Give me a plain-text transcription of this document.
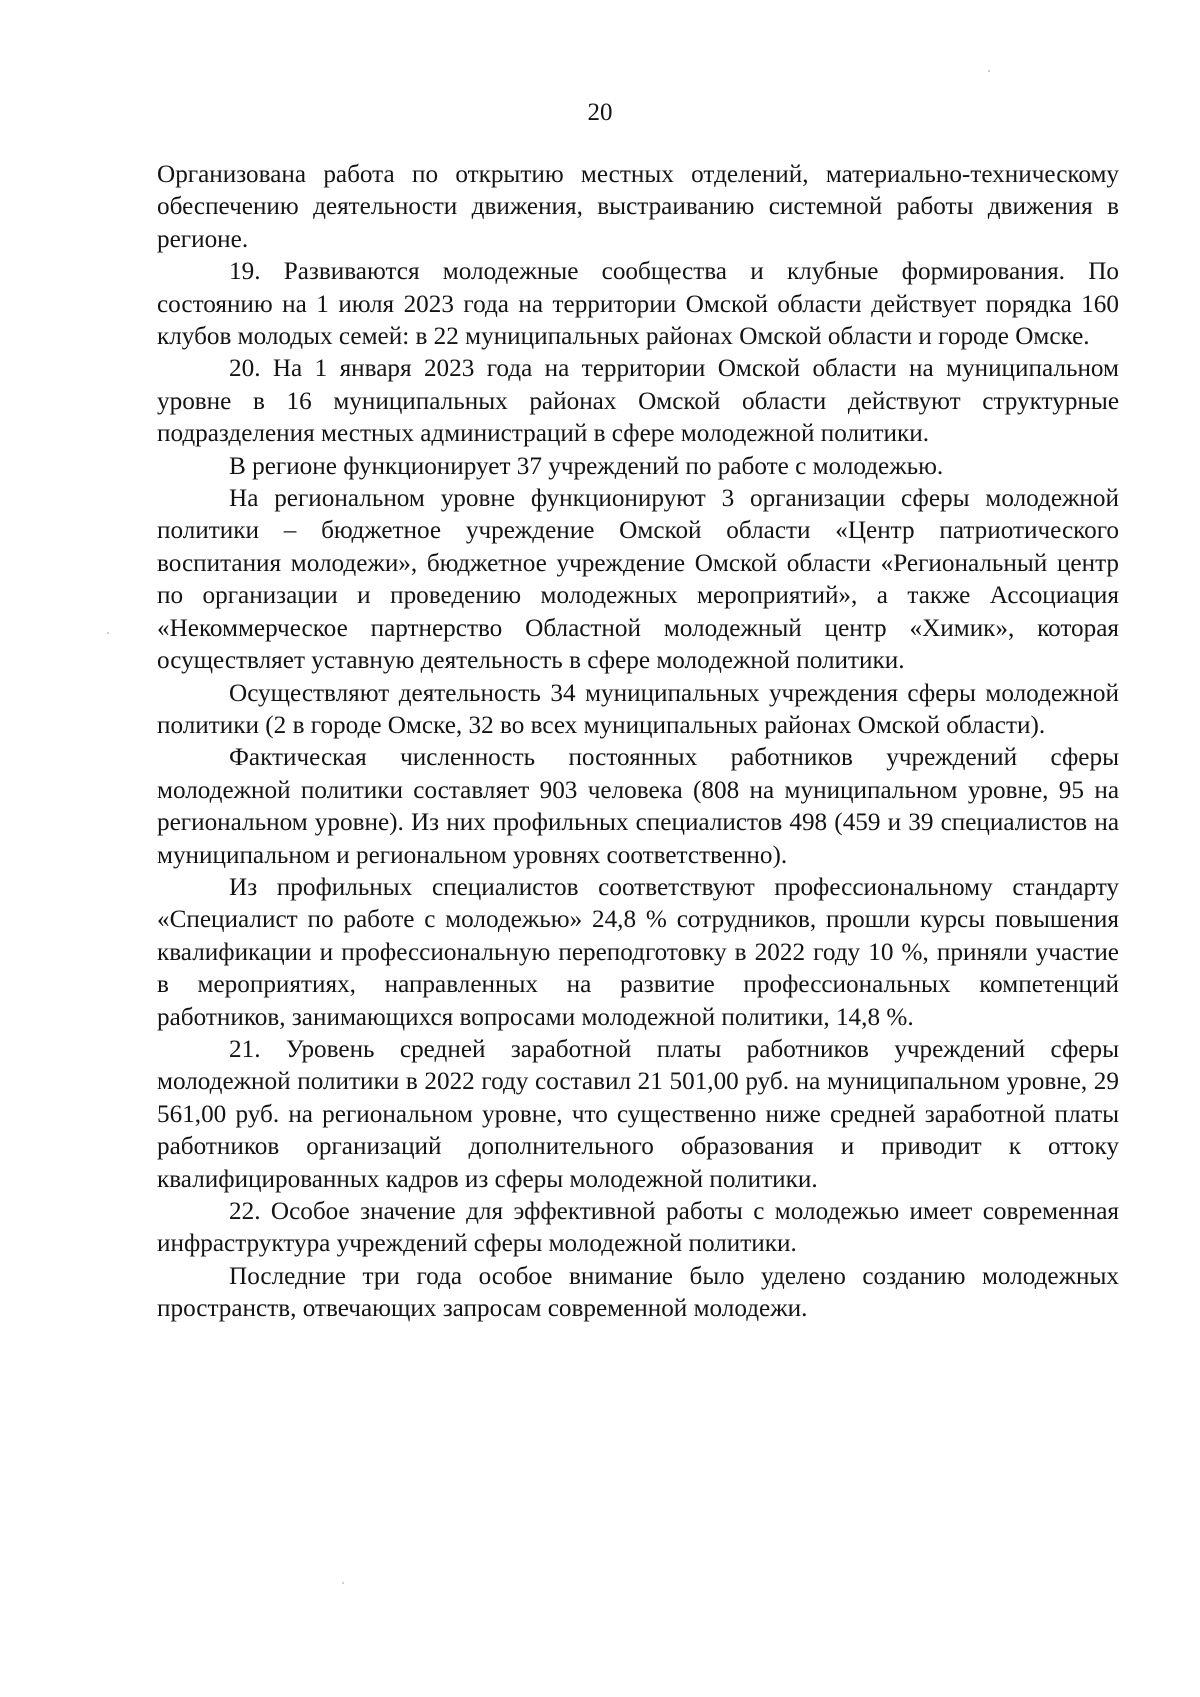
20

Организована работа по открытию местных отделений, материально-техническому обеспечению деятельности движения, выстраиванию системной работы движения в регионе.

19. Развиваются молодежные сообщества и клубные формирования. По состоянию на 1 июля 2023 года на территории Омской области действует порядка 160 клубов молодых семей: в 22 муниципальных районах Омской области и городе Омске.

20. На 1 января 2023 года на территории Омской области на муниципальном уровне в 16 муниципальных районах Омской области действуют структурные подразделения местных администраций в сфере молодежной политики.

В регионе функционирует 37 учреждений по работе с молодежью.

На региональном уровне функционируют 3 организации сферы молодежной политики – бюджетное учреждение Омской области «Центр патриотического воспитания молодежи», бюджетное учреждение Омской области «Региональный центр по организации и проведению молодежных мероприятий», а также Ассоциация «Некоммерческое партнерство Областной молодежный центр «Химик», которая осуществляет уставную деятельность в сфере молодежной политики.

Осуществляют деятельность 34 муниципальных учреждения сферы молодежной политики (2 в городе Омске, 32 во всех муниципальных районах Омской области).

Фактическая численность постоянных работников учреждений сферы молодежной политики составляет 903 человека (808 на муниципальном уровне, 95 на региональном уровне). Из них профильных специалистов 498 (459 и 39 специалистов на муниципальном и региональном уровнях соответственно).

Из профильных специалистов соответствуют профессиональному стандарту «Специалист по работе с молодежью» 24,8 % сотрудников, прошли курсы повышения квалификации и профессиональную переподготовку в 2022 году 10 %, приняли участие в мероприятиях, направленных на развитие профессиональных компетенций работников, занимающихся вопросами молодежной политики, 14,8 %.

21. Уровень средней заработной платы работников учреждений сферы молодежной политики в 2022 году составил 21 501,00 руб. на муниципальном уровне, 29 561,00 руб. на региональном уровне, что существенно ниже средней заработной платы работников организаций дополнительного образования и приводит к оттоку квалифицированных кадров из сферы молодежной политики.

22. Особое значение для эффективной работы с молодежью имеет современная инфраструктура учреждений сферы молодежной политики.

Последние три года особое внимание было уделено созданию молодежных пространств, отвечающих запросам современной молодежи.
